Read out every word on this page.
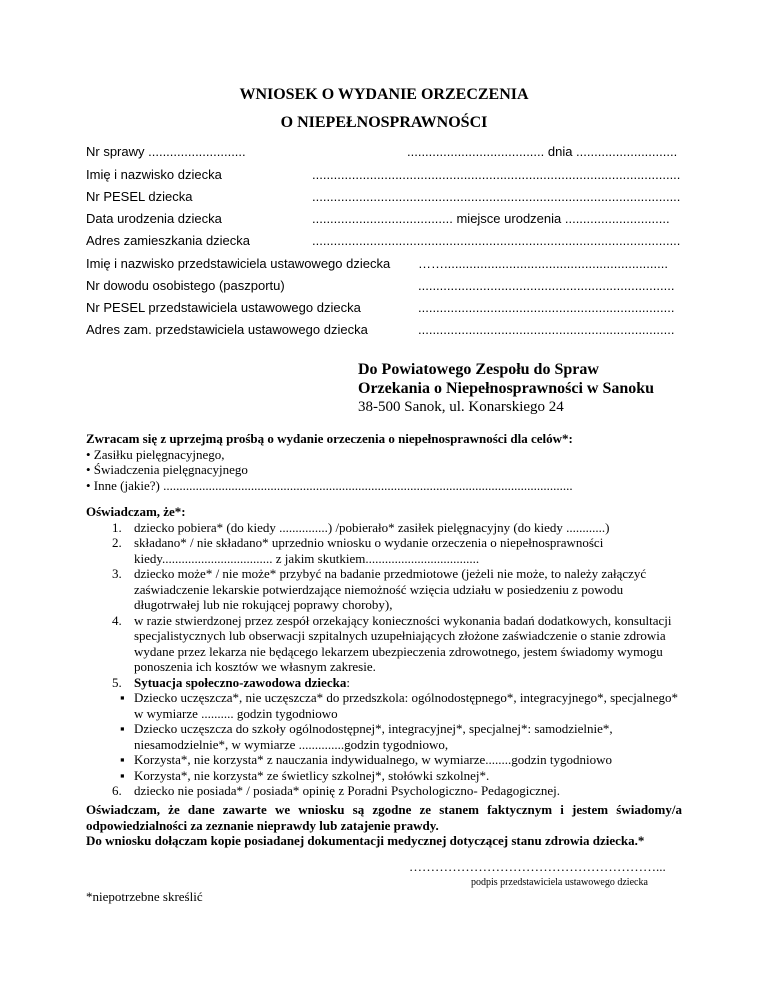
WNIOSEK O WYDANIE ORZECZENIA
O NIEPEŁNOSPRAWNOŚCI
Nr sprawy ...........................	...................................... dnia ............................
Imię i nazwisko dziecka	......................................................................................................
Nr PESEL dziecka	......................................................................................................
Data urodzenia dziecka	....................................... miejsce urodzenia .............................
Adres zamieszkania dziecka	......................................................................................................
Imię i nazwisko przedstawiciela ustawowego dziecka ……..............................................................
Nr dowodu osobistego (paszportu)	.......................................................................
Nr PESEL przedstawiciela ustawowego dziecka	.......................................................................
Adres zam. przedstawiciela ustawowego dziecka	.......................................................................
Do Powiatowego Zespołu do Spraw
Orzekania o Niepełnosprawności w Sanoku
38-500 Sanok, ul. Konarskiego 24
Zwracam się z uprzejmą prośbą o wydanie orzeczenia o niepełnosprawności dla celów*:
• Zasiłku pielęgnacyjnego,
• Świadczenia pielęgnacyjnego
• Inne (jakie?) ..............................................................................................................................
Oświadczam, że*:
1. dziecko pobiera* (do kiedy ...............) /pobierało* zasiłek pielęgnacyjny (do kiedy ............)
2. składano* / nie składano* uprzednio wniosku o wydanie orzeczenia o niepełnosprawności kiedy.................................. z jakim skutkiem...................................
3. dziecko może* / nie może* przybyć na badanie przedmiotowe (jeżeli nie może, to należy załączyć zaświadczenie lekarskie potwierdzające niemożność wzięcia udziału w posiedzeniu z powodu długotrwałej lub nie rokującej poprawy choroby),
4. w razie stwierdzonej przez zespół orzekający konieczności wykonania badań dodatkowych, konsultacji specjalistycznych lub obserwacji szpitalnych uzupełniających złożone zaświadczenie o stanie zdrowia wydane przez lekarza nie będącego lekarzem ubezpieczenia zdrowotnego, jestem świadomy wymogu ponoszenia ich kosztów we własnym zakresie.
5. Sytuacja społeczno-zawodowa dziecka:
▪ Dziecko uczęszcza*, nie uczęszcza* do przedszkola: ogólnodostępnego*, integracyjnego*, specjalnego* w wymiarze .......... godzin tygodniowo
▪ Dziecko uczęszcza do szkoły ogólnodostępnej*, integracyjnej*, specjalnej*: samodzielnie*, niesamodzielnie*, w wymiarze ..............godzin tygodniowo,
▪ Korzysta*, nie korzysta* z nauczania indywidualnego, w wymiarze........godzin tygodniowo
▪ Korzysta*, nie korzysta* ze świetlicy szkolnej*, stołówki szkolnej*.
6. dziecko nie posiada* / posiada* opinię z Poradni Psychologiczno- Pedagogicznej.
Oświadczam, że dane zawarte we wniosku są zgodne ze stanem faktycznym i jestem świadomy/a odpowiedzialności za zeznanie nieprawdy lub zatajenie prawdy.
Do wniosku dołączam kopie posiadanej dokumentacji medycznej dotyczącej stanu zdrowia dziecka.*
…………………………………………………...
podpis przedstawiciela ustawowego dziecka
*niepotrzebne skreślić
